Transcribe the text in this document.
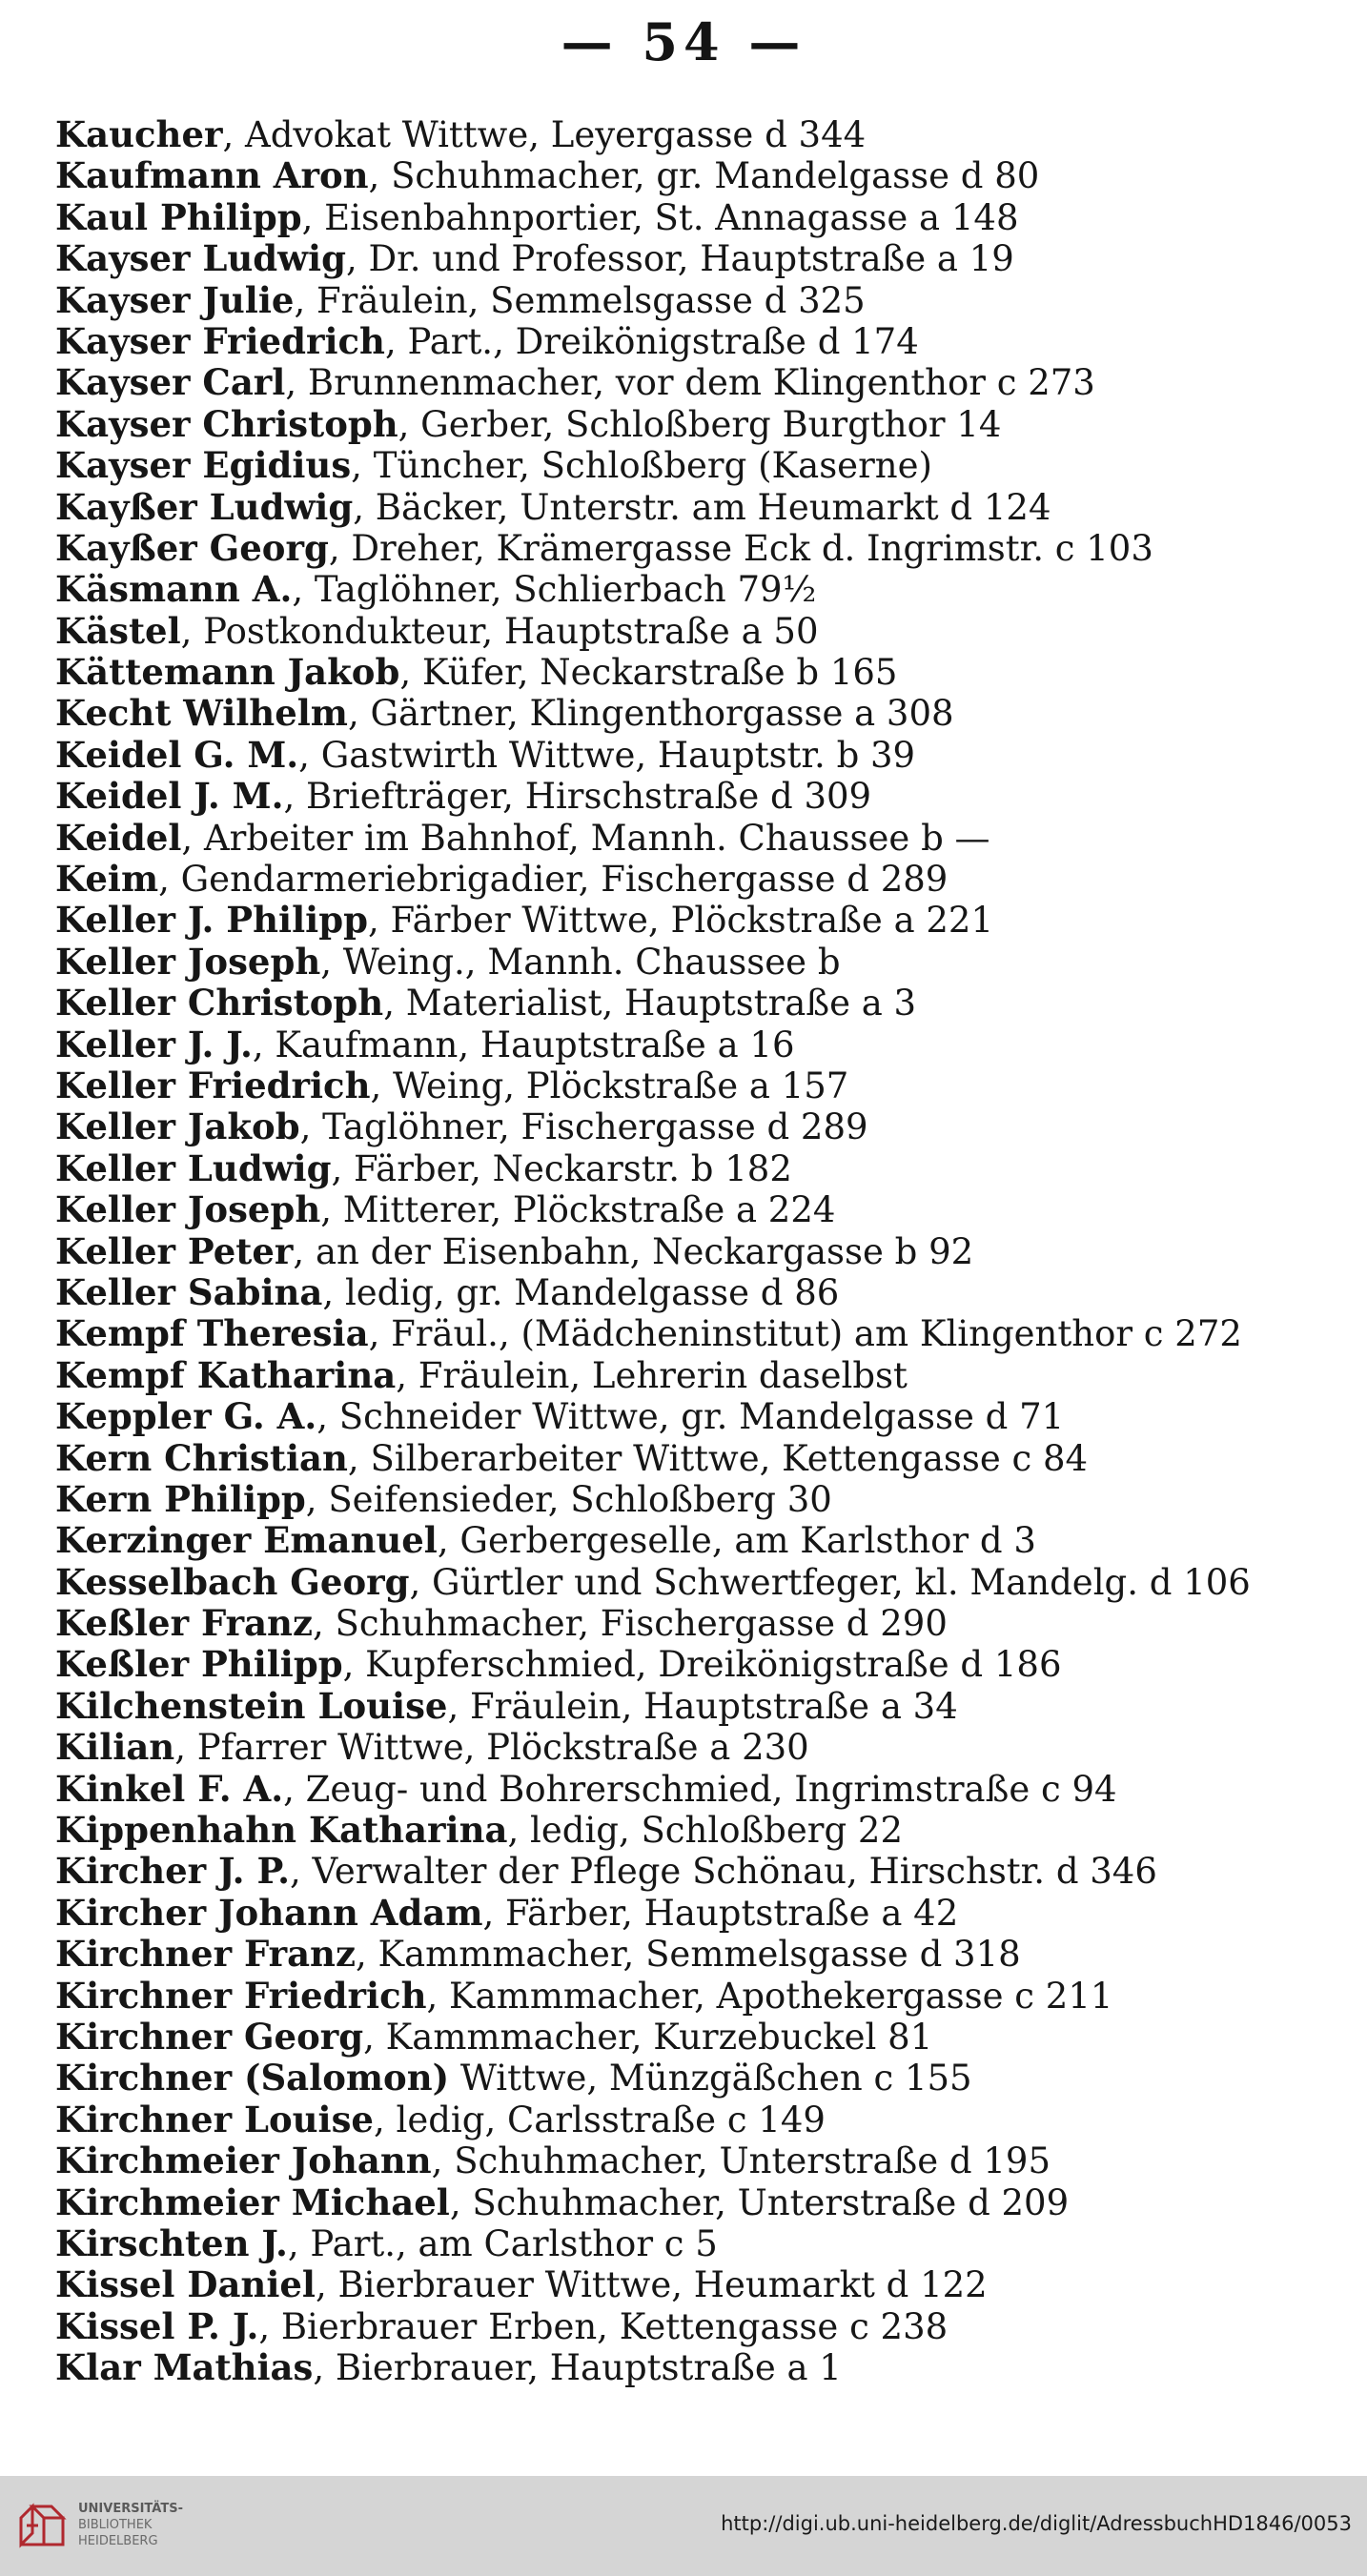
— 54 —
Kaucher, Advokat Wittwe, Leyergasse d 344
Kaufmann Aron, Schuhmacher, gr. Mandelgasse d 80
Kaul Philipp, Eisenbahnportier, St. Annagasse a 148
Kayser Ludwig, Dr. und Professor, Hauptstraße a 19
Kayser Julie, Fräulein, Semmelsgasse d 325
Kayser Friedrich, Part., Dreikönigstraße d 174
Kayser Carl, Brunnenmacher, vor dem Klingenthor c 273
Kayser Christoph, Gerber, Schloßberg Burgthor 14
Kayser Egidius, Tüncher, Schloßberg (Kaserne)
Kayßer Ludwig, Bäcker, Unterstr. am Heumarkt d 124
Kayßer Georg, Dreher, Krämergasse Eck d. Ingrimstr. c 103
Käsmann A., Taglöhner, Schlierbach 79½
Kästel, Postkondukteur, Hauptstraße a 50
Kättemann Jakob, Küfer, Neckarstraße b 165
Kecht Wilhelm, Gärtner, Klingenthorgasse a 308
Keidel G. M., Gastwirth Wittwe, Hauptstr. b 39
Keidel J. M., Briefträger, Hirschstraße d 309
Keidel, Arbeiter im Bahnhof, Mannh. Chaussee b —
Keim, Gendarmeriebrigadier, Fischergasse d 289
Keller J. Philipp, Färber Wittwe, Plöckstraße a 221
Keller Joseph, Weing., Mannh. Chaussee b
Keller Christoph, Materialist, Hauptstraße a 3
Keller J. J., Kaufmann, Hauptstraße a 16
Keller Friedrich, Weing, Plöckstraße a 157
Keller Jakob, Taglöhner, Fischergasse d 289
Keller Ludwig, Färber, Neckarstr. b 182
Keller Joseph, Mitterer, Plöckstraße a 224
Keller Peter, an der Eisenbahn, Neckargasse b 92
Keller Sabina, ledig, gr. Mandelgasse d 86
Kempf Theresia, Fräul., (Mädcheninstitut) am Klingenthor c 272
Kempf Katharina, Fräulein, Lehrerin daselbst
Keppler G. A., Schneider Wittwe, gr. Mandelgasse d 71
Kern Christian, Silberarbeiter Wittwe, Kettengasse c 84
Kern Philipp, Seifensieder, Schloßberg 30
Kerzinger Emanuel, Gerbergeselle, am Karlsthor d 3
Kesselbach Georg, Gürtler und Schwertfeger, kl. Mandelg. d 106
Keßler Franz, Schuhmacher, Fischergasse d 290
Keßler Philipp, Kupferschmied, Dreikönigstraße d 186
Kilchenstein Louise, Fräulein, Hauptstraße a 34
Kilian, Pfarrer Wittwe, Plöckstraße a 230
Kinkel F. A., Zeug- und Bohrerschmied, Ingrimstraße c 94
Kippenhahn Katharina, ledig, Schloßberg 22
Kircher J. P., Verwalter der Pflege Schönau, Hirschstr. d 346
Kircher Johann Adam, Färber, Hauptstraße a 42
Kirchner Franz, Kammmacher, Semmelsgasse d 318
Kirchner Friedrich, Kammmacher, Apothekergasse c 211
Kirchner Georg, Kammmacher, Kurzebuckel 81
Kirchner (Salomon) Wittwe, Münzgäßchen c 155
Kirchner Louise, ledig, Carlsstraße c 149
Kirchmeier Johann, Schuhmacher, Unterstraße d 195
Kirchmeier Michael, Schuhmacher, Unterstraße d 209
Kirschten J., Part., am Carlsthor c 5
Kissel Daniel, Bierbrauer Wittwe, Heumarkt d 122
Kissel P. J., Bierbrauer Erben, Kettengasse c 238
Klar Mathias, Bierbrauer, Hauptstraße a 1
UNIVERSITÄTS-
BIBLIOTHEK
HEIDELBERG
http://digi.ub.uni-heidelberg.de/diglit/AdressbuchHD1846/0053
